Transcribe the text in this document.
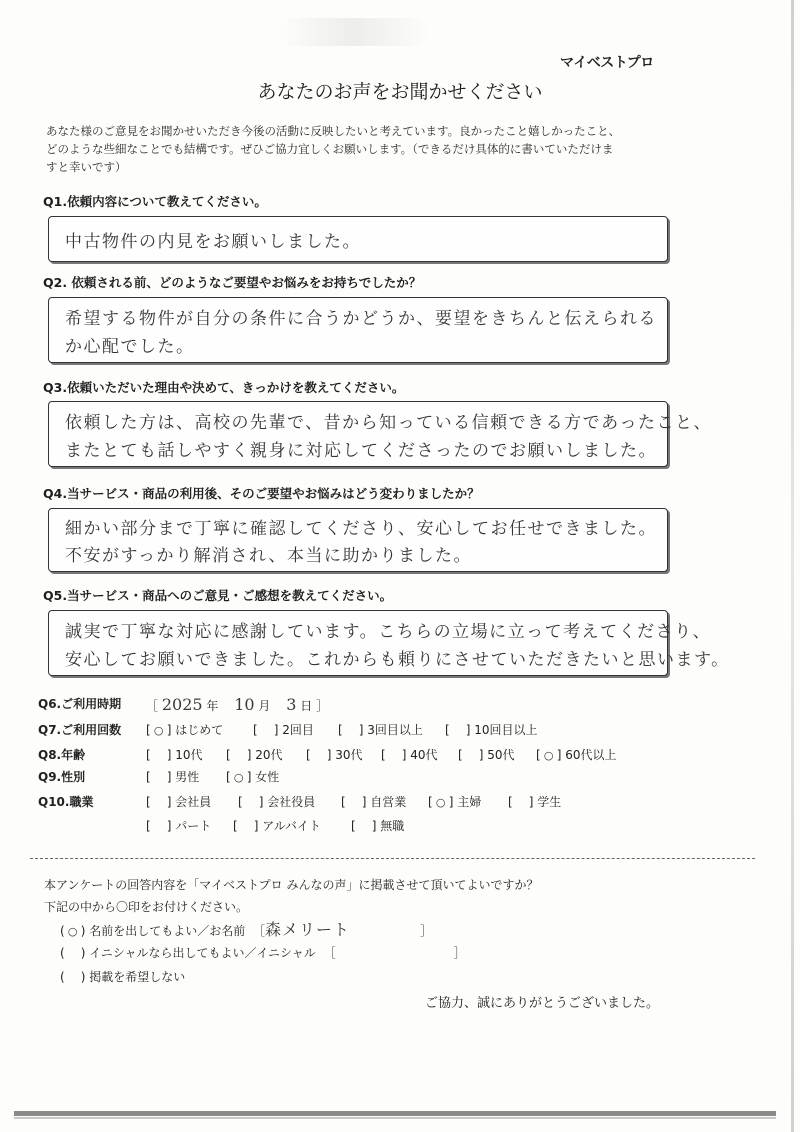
マイベストプロ
あなたのお声をお聞かせください
あなた様のご意見をお聞かせいただき今後の活動に反映したいと考えています。良かったこと嬉しかったこと、
どのような些細なことでも結構です。ぜひご協力宜しくお願いします。（できるだけ具体的に書いていただけま
すと幸いです）
Q1.依頼内容について教えてください。
中古物件の内見をお願いしました。
Q2. 依頼される前、どのようなご要望やお悩みをお持ちでしたか？
希望する物件が自分の条件に合うかどうか、要望をきちんと伝えられる
か心配でした。
Q3.依頼いただいた理由や決めて、きっかけを教えてください。
依頼した方は、高校の先輩で、昔から知っている信頼できる方であったこと、
またとても話しやすく親身に対応してくださったのでお願いしました。
Q4.当サービス・商品の利用後、そのご要望やお悩みはどう変わりましたか？
細かい部分まで丁寧に確認してくださり、安心してお任せできました。
不安がすっかり解消され、本当に助かりました。
Q5.当サービス・商品へのご意見・ご感想を教えてください。
誠実で丁寧な対応に感謝しています。こちらの立場に立って考えてくださり、
安心してお願いできました。これからも頼りにさせていただきたいと思います。
Q6.ご利用時期 ［ 2025 年 10 月 3 日 ］
Q7.ご利用回数 [ ○ ] はじめて [ ] 2回目 [ ] 3回目以上 [ ] 10回目以上
Q8.年齢	[ ] 10代 [ ] 20代 [ ] 30代 [ ] 40代 [ ] 50代 [ ○ ] 60代以上
Q9.性別	[ ] 男性 [ ○ ] 女性
Q10.職業	[ ] 会社員 [ ] 会社役員 [ ] 自営業 [ ○ ] 主婦 [ ] 学生
[ ] パート [ ] アルバイト	[ ] 無職
本アンケートの回答内容を「マイベストプロ みんなの声」に掲載させて頂いてよいですか？
下記の中から〇印をお付けください。
( ○ ) 名前を出してもよい／お名前 ［森メリート	］
( ) イニシャルなら出してもよい／イニシャル ［	］
( ) 掲載を希望しない
ご協力、誠にありがとうございました。
